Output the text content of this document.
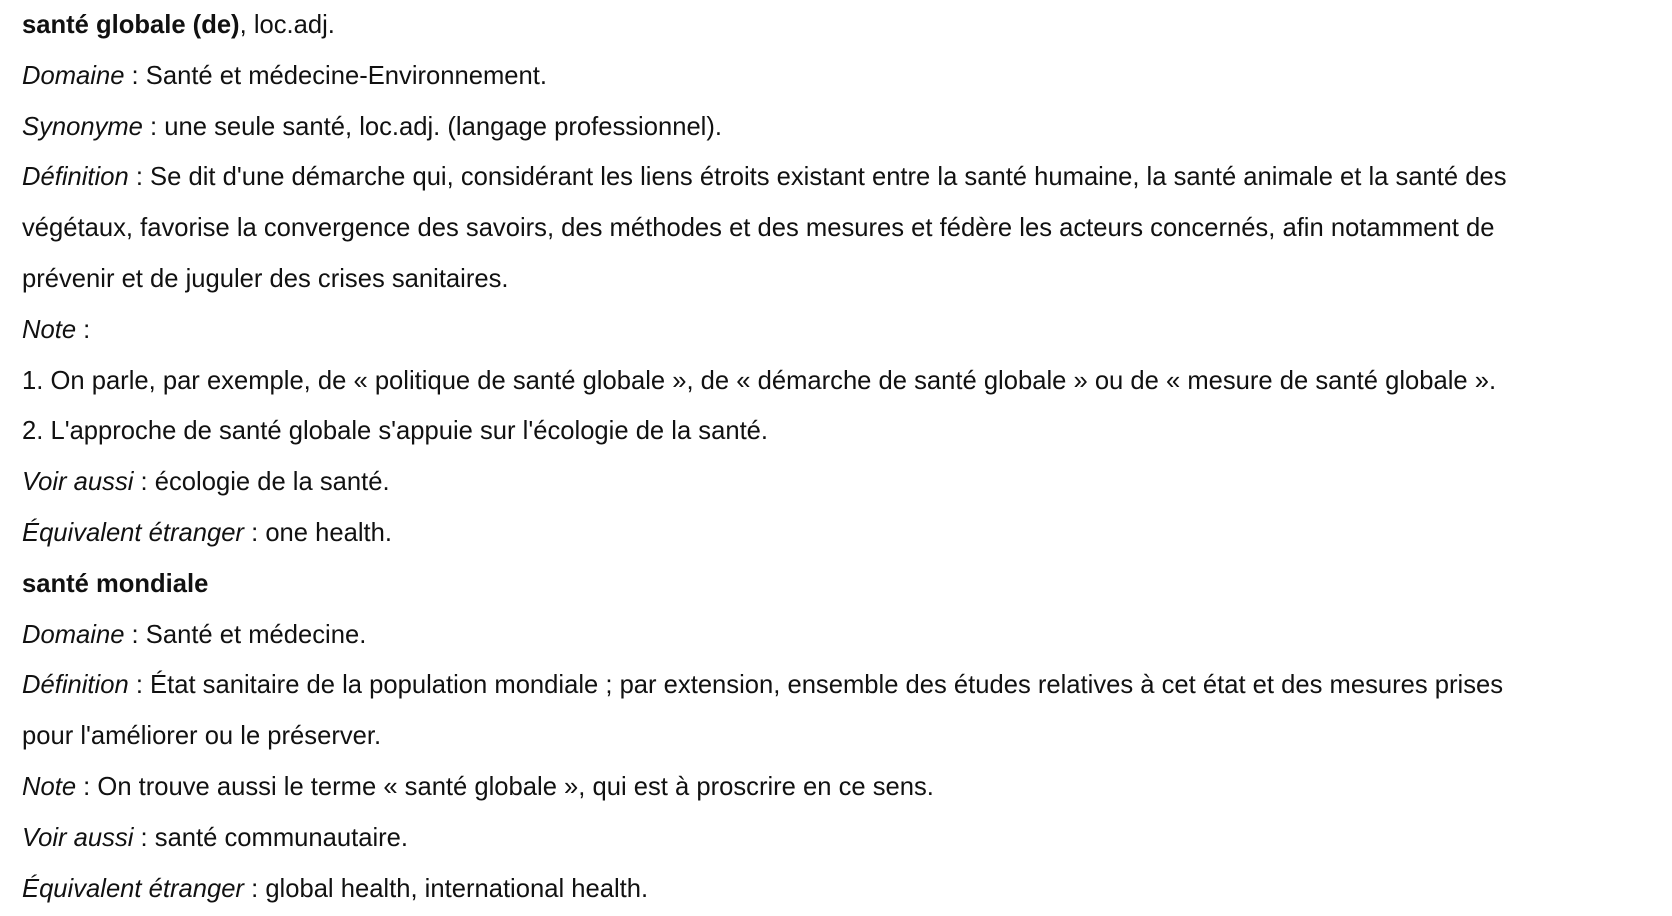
santé globale (de), loc.adj.
Domaine : Santé et médecine-Environnement.
Synonyme : une seule santé, loc.adj. (langage professionnel).
Définition : Se dit d'une démarche qui, considérant les liens étroits existant entre la santé humaine, la santé animale et la santé des
végétaux, favorise la convergence des savoirs, des méthodes et des mesures et fédère les acteurs concernés, afin notamment de
prévenir et de juguler des crises sanitaires.
Note :
1. On parle, par exemple, de « politique de santé globale », de « démarche de santé globale » ou de « mesure de santé globale ».
2. L'approche de santé globale s'appuie sur l'écologie de la santé.
Voir aussi : écologie de la santé.
Équivalent étranger : one health.
santé mondiale
Domaine : Santé et médecine.
Définition : État sanitaire de la population mondiale ; par extension, ensemble des études relatives à cet état et des mesures prises
pour l'améliorer ou le préserver.
Note : On trouve aussi le terme « santé globale », qui est à proscrire en ce sens.
Voir aussi : santé communautaire.
Équivalent étranger : global health, international health.
